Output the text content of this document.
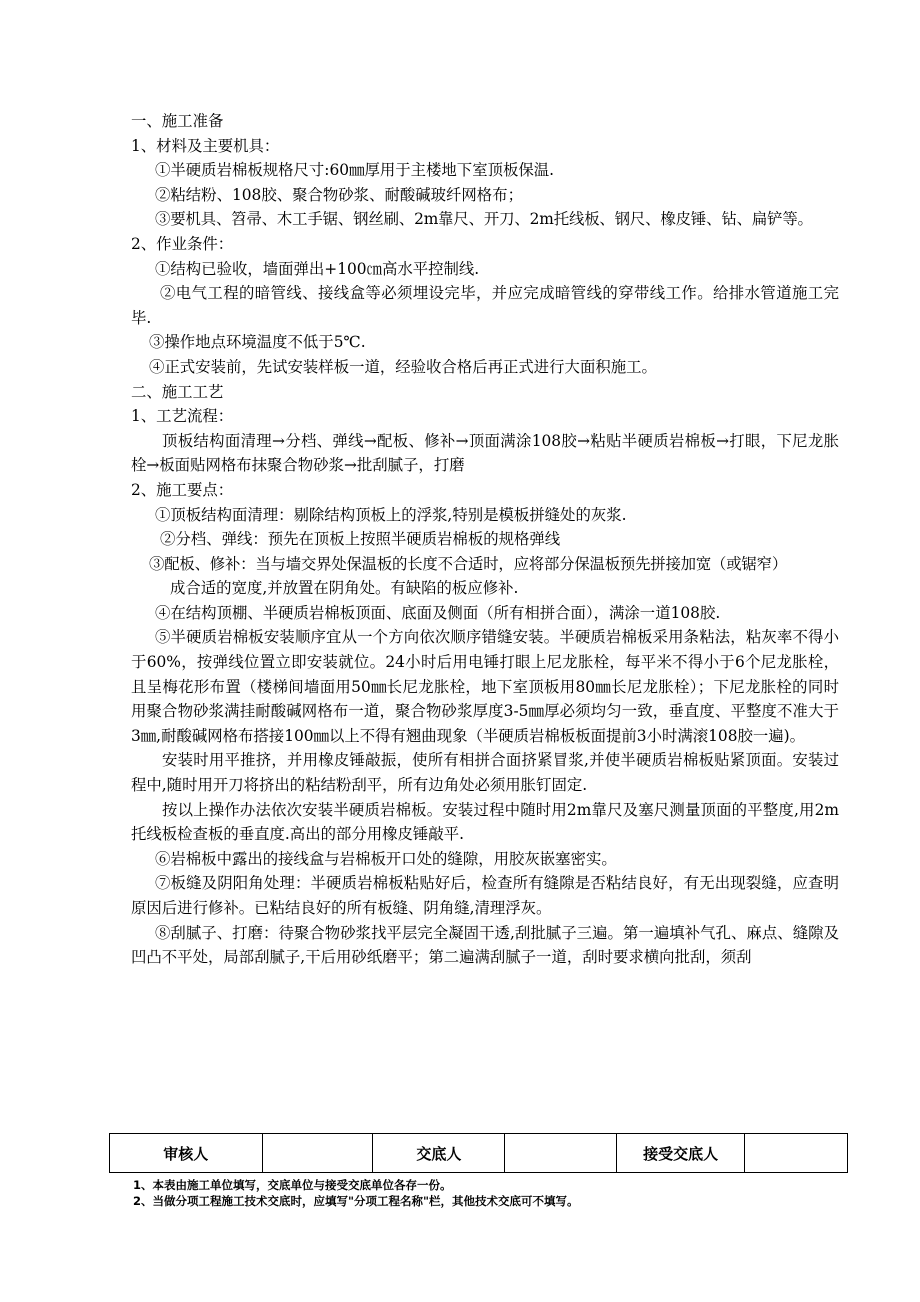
一、施工准备

1、材料及主要机具：

①半硬质岩棉板规格尺寸:60㎜厚用于主楼地下室顶板保温.

②粘结粉、108胶、聚合物砂浆、耐酸碱玻纤网格布；

③要机具、笤帚、木工手锯、钢丝刷、2m靠尺、开刀、2m托线板、钢尺、橡皮锤、钻、扁铲等。

2、作业条件：

①结构已验收，墙面弹出+100㎝高水平控制线.

②电气工程的暗管线、接线盒等必须埋设完毕，并应完成暗管线的穿带线工作。给排水管道施工完毕.

③操作地点环境温度不低于5℃.

④正式安装前，先试安装样板一道，经验收合格后再正式进行大面积施工。

二、施工工艺

1、工艺流程：

顶板结构面清理→分档、弹线→配板、修补→顶面满涂108胶→粘贴半硬质岩棉板→打眼，下尼龙胀栓→板面贴网格布抹聚合物砂浆→批刮腻子，打磨

2、施工要点：

①顶板结构面清理：剔除结构顶板上的浮浆,特别是模板拼缝处的灰浆.

②分档、弹线：预先在顶板上按照半硬质岩棉板的规格弹线

③配板、修补：当与墙交界处保温板的长度不合适时，应将部分保温板预先拼接加宽（或锯窄）

成合适的宽度,并放置在阴角处。有缺陷的板应修补.

④在结构顶棚、半硬质岩棉板顶面、底面及侧面（所有相拼合面），满涂一道108胶.

⑤半硬质岩棉板安装顺序宜从一个方向依次顺序错缝安装。半硬质岩棉板采用条粘法，粘灰率不得小于60%，按弹线位置立即安装就位。24小时后用电锤打眼上尼龙胀栓，每平米不得小于6个尼龙胀栓，且呈梅花形布置（楼梯间墙面用50㎜长尼龙胀栓，地下室顶板用80㎜长尼龙胀栓）；下尼龙胀栓的同时用聚合物砂浆满挂耐酸碱网格布一道，聚合物砂浆厚度3-5㎜厚必须均匀一致，垂直度、平整度不准大于3㎜,耐酸碱网格布搭接100㎜以上不得有翘曲现象（半硬质岩棉板板面提前3小时满滚108胶一遍)。

安装时用平推挤，并用橡皮锤敲振，使所有相拼合面挤紧冒浆,并使半硬质岩棉板贴紧顶面。安装过程中,随时用开刀将挤出的粘结粉刮平，所有边角处必须用胀钉固定.

按以上操作办法依次安装半硬质岩棉板。安装过程中随时用2m靠尺及塞尺测量顶面的平整度,用2m托线板检查板的垂直度.高出的部分用橡皮锤敲平.

⑥岩棉板中露出的接线盒与岩棉板开口处的缝隙，用胶灰嵌塞密实。

⑦板缝及阴阳角处理：半硬质岩棉板粘贴好后，检查所有缝隙是否粘结良好，有无出现裂缝，应查明原因后进行修补。已粘结良好的所有板缝、阴角缝,清理浮灰。

⑧刮腻子、打磨：待聚合物砂浆找平层完全凝固干透,刮批腻子三遍。第一遍填补气孔、麻点、缝隙及凹凸不平处，局部刮腻子,干后用砂纸磨平；第二遍满刮腻子一道，刮时要求横向批刮，须刮

审核人		交底人		接受交底人	

1、本表由施工单位填写，交底单位与接受交底单位各存一份。

2、当做分项工程施工技术交底时，应填写"分项工程名称"栏，其他技术交底可不填写。
